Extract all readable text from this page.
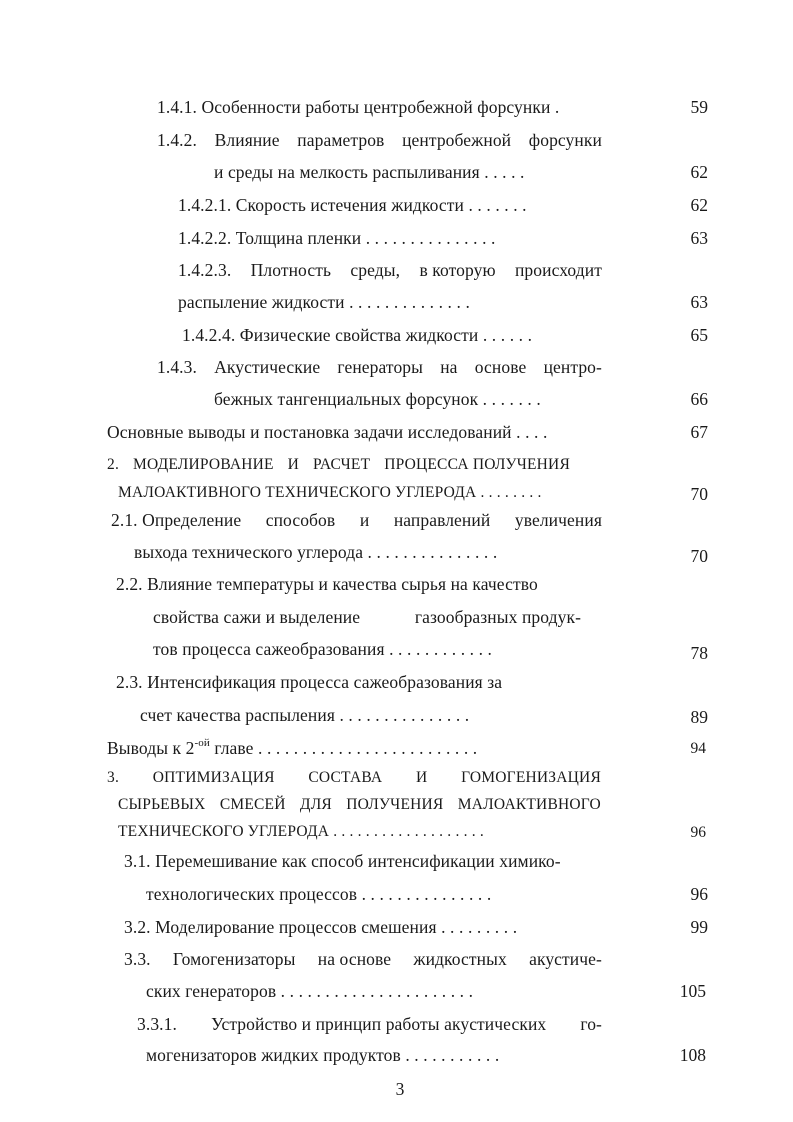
1.4.1. Особенности работы центробежной форсунки .	59
1.4.2. Влияние параметров центробежной форсунки
и среды на мелкость распыливания . . . . .	62
1.4.2.1. Скорость истечения жидкости . . . . . . .	62
1.4.2.2. Толщина пленки . . . . . . . . . . . . . . .	63
1.4.2.3. Плотность среды, в которую происходит
распыление жидкости . . . . . . . . . . . . . .	63
1.4.2.4. Физические свойства жидкости . . . . . .	65
1.4.3. Акустические генераторы на основе центро-
бежных тангенциальных форсунок . . . . . . .	66
Основные выводы и постановка задачи исследований . . . .	67
2. МОДЕЛИРОВАНИЕ И РАСЧЕТ ПРОЦЕССА ПОЛУЧЕНИЯ
МАЛОАКТИВНОГО ТЕХНИЧЕСКОГО УГЛЕРОДА . . . . . . . .	70
2.1. Определение способов и направлений увеличения
выхода технического углерода . . . . . . . . . . . . . . .	70
2.2. Влияние температуры и качества сырья на качество
свойства сажи и выделение	газообразных продук-
тов процесса сажеобразования . . . . . . . . . . . .	78
2.3. Интенсификация процесса сажеобразования за
счет качества распыления . . . . . . . . . . . . . . .	89
Выводы к $2^{-ой}$ главе . . . . . . . . . . . . . . . . . . . . . . . . .	94
3. ОПТИМИЗАЦИЯ СОСТАВА И ГОМОГЕНИЗАЦИЯ
СЫРЬЕВЫХ СМЕСЕЙ ДЛЯ ПОЛУЧЕНИЯ МАЛОАКТИВНОГО
ТЕХНИЧЕСКОГО УГЛЕРОДА . . . . . . . . . . . . . . . . . . .	96
3.1. Перемешивание как способ интенсификации химико-
технологических процессов . . . . . . . . . . . . . . .	96
3.2. Моделирование процессов смешения . . . . . . . . .	99
3.3. Гомогенизаторы на основе жидкостных акустиче-
ских генераторов . . . . . . . . . . . . . . . . . . . . . .	105
3.3.1. Устройство и принцип работы акустических го-
могенизаторов жидких продуктов . . . . . . . . . . .	108
3
